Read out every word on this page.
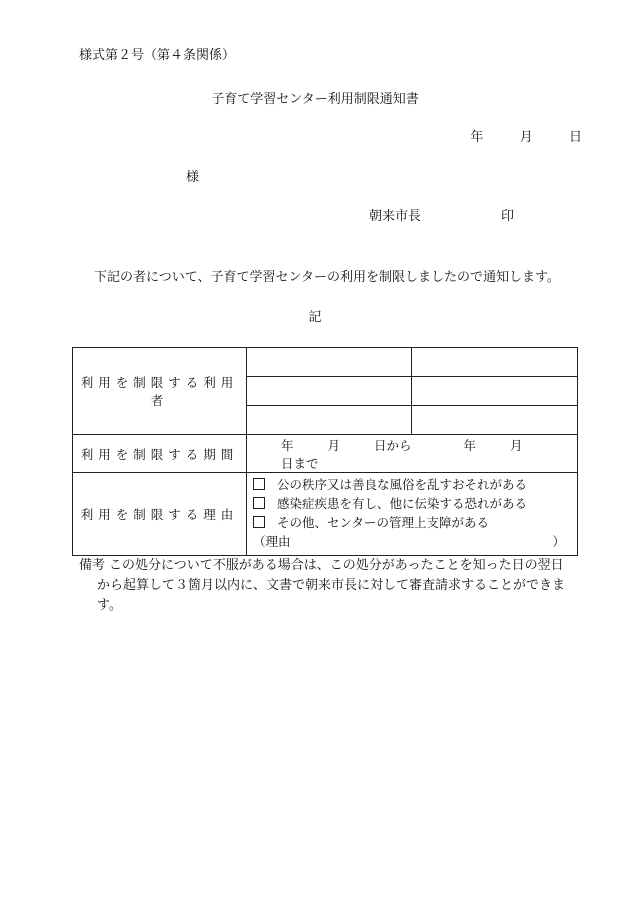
様式第２号（第４条関係）
子育て学習センター利用制限通知書
年	月	日
様
朝来市長	印
下記の者について、子育て学習センターの利用を制限しましたので通知します。
記
利用を制限する利用者		

利用を制限する期間	年 月 日から 年 月  日まで	
利用を制限する理由	公の秩序又は善良な風俗を乱すおそれがある
感染症疾患を有し、他に伝染する恐れがある
その他、センターの管理上支障がある
（理由 ）	
備考 この処分について不服がある場合は、この処分があったことを知った日の翌日
から起算して３箇月以内に、文書で朝来市長に対して審査請求することができま
す。
